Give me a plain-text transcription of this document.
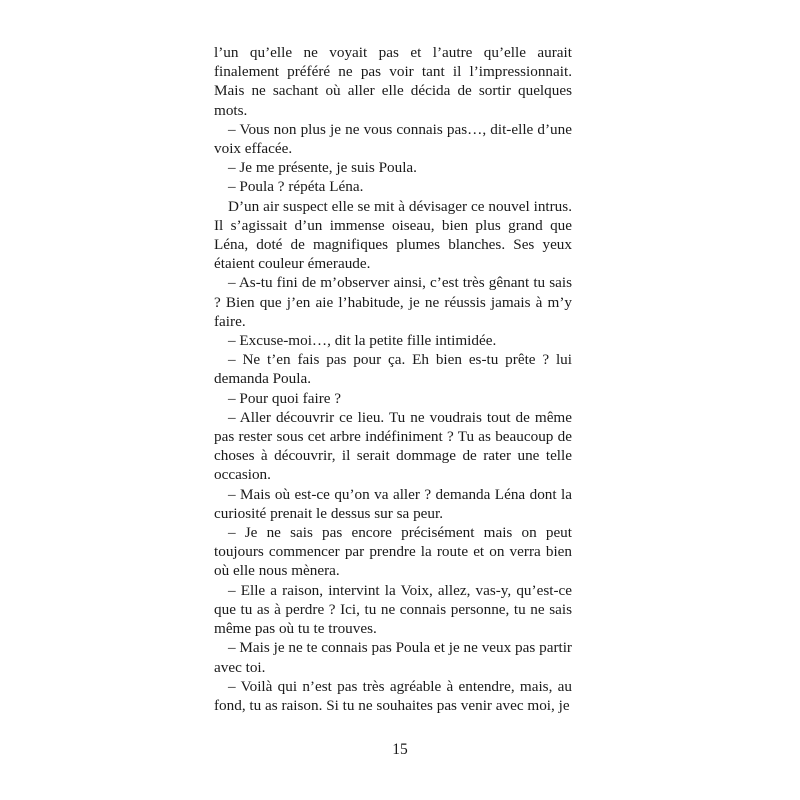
l’un qu’elle ne voyait pas et l’autre qu’elle aurait finalement préféré ne pas voir tant il l’impressionnait. Mais ne sachant où aller elle décida de sortir quelques mots.

– Vous non plus je ne vous connais pas…, dit-elle d’une voix effacée.

– Je me présente, je suis Poula.

– Poula ? répéta Léna.

D’un air suspect elle se mit à dévisager ce nouvel intrus. Il s’agissait d’un immense oiseau, bien plus grand que Léna, doté de magnifiques plumes blanches. Ses yeux étaient couleur émeraude.

– As-tu fini de m’observer ainsi, c’est très gênant tu sais ? Bien que j’en aie l’habitude, je ne réussis jamais à m’y faire.

– Excuse-moi…, dit la petite fille intimidée.

– Ne t’en fais pas pour ça. Eh bien es-tu prête ? lui demanda Poula.

– Pour quoi faire ?

– Aller découvrir ce lieu. Tu ne voudrais tout de même pas rester sous cet arbre indéfiniment ? Tu as beaucoup de choses à découvrir, il serait dommage de rater une telle occasion.

– Mais où est-ce qu’on va aller ? demanda Léna dont la curiosité prenait le dessus sur sa peur.

– Je ne sais pas encore précisément mais on peut toujours commencer par prendre la route et on verra bien où elle nous mènera.

– Elle a raison, intervint la Voix, allez, vas-y, qu’est-ce que tu as à perdre ? Ici, tu ne connais personne, tu ne sais même pas où tu te trouves.

– Mais je ne te connais pas Poula et je ne veux pas partir avec toi.

– Voilà qui n’est pas très agréable à entendre, mais, au fond, tu as raison. Si tu ne souhaites pas venir avec moi, je

15
